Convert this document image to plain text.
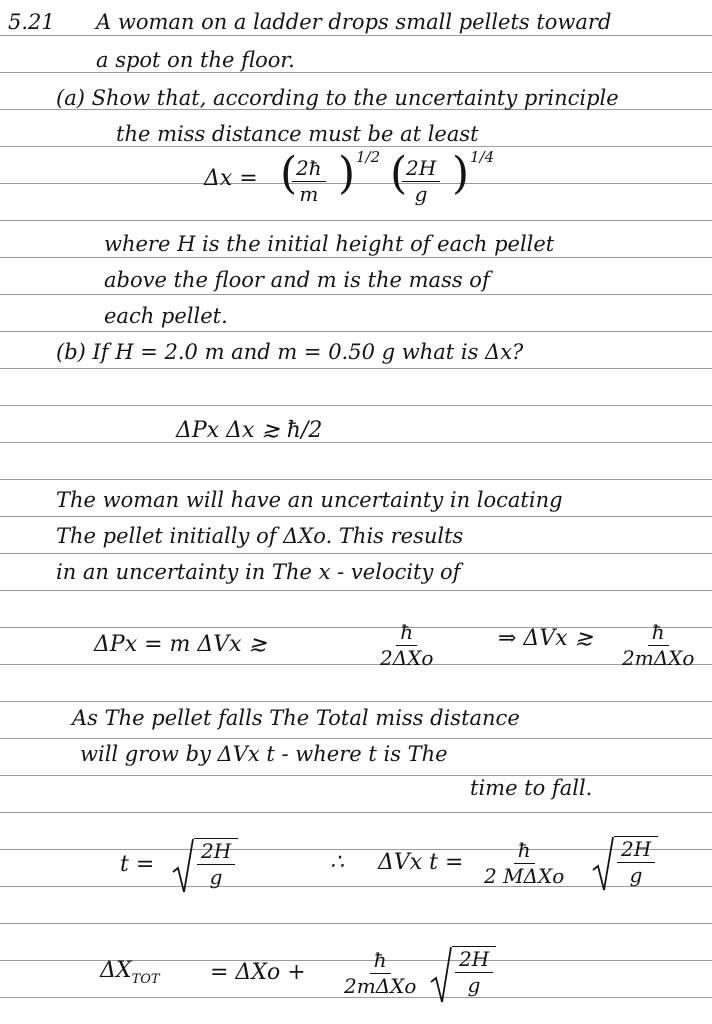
5.21 A woman on a ladder drops small pellets toward
a spot on the floor.
(a) Show that, according to the uncertainty principle
the miss distance must be at least
Δx = (
$\frac{2ħ}{m}$ ) 1/2 (
$\frac{2H}{g}$ ) 1/4
where H is the initial height of each pellet
above the floor and m is the mass of
each pellet.
(b) If H = 2.0 m and m = 0.50 g what is Δx?
ΔPx Δx ≳ ħ/2
The woman will have an uncertainty in locating
The pellet initially of ΔXo. This results
in an uncertainty in The x - velocity of
ΔPx = m ΔVx ≳	ħ
2ΔXo
⇒ ΔVx ≳	ħ
2mΔXo
As The pellet falls The Total miss distance
will grow by ΔVx t - where t is The
time to fall.
$t = \frac{2H}{g}$	∴ ΔVx t =	ħ
2 MΔXo $\frac{2H}{g}$
$\Delta X_{TOT} = \Delta Xo$ +	ħ
$2m\Delta Xo \frac{2H}{g}$
